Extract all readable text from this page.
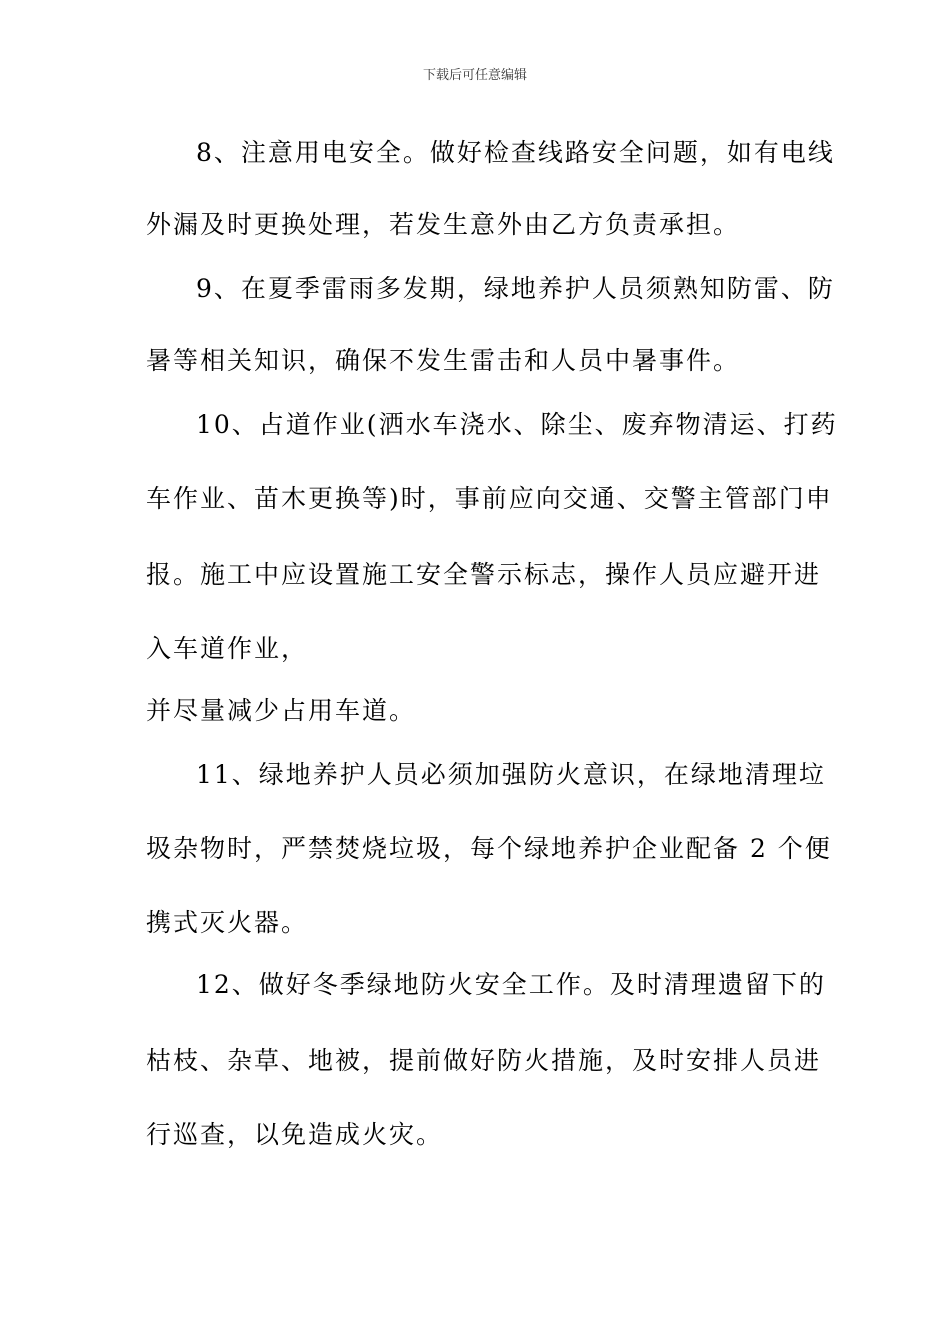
下载后可任意编辑
8、注意用电安全。做好检查线路安全问题，如有电线
外漏及时更换处理，若发生意外由乙方负责承担。
9、在夏季雷雨多发期，绿地养护人员须熟知防雷、防
暑等相关知识，确保不发生雷击和人员中暑事件。
10、占道作业(洒水车浇水、除尘、废弃物清运、打药
车作业、苗木更换等)时，事前应向交通、交警主管部门申
报。施工中应设置施工安全警示标志，操作人员应避开进
入车道作业，
并尽量减少占用车道。
11、绿地养护人员必须加强防火意识，在绿地清理垃
圾杂物时，严禁焚烧垃圾，每个绿地养护企业配备 2 个便
携式灭火器。
12、做好冬季绿地防火安全工作。及时清理遗留下的
枯枝、杂草、地被，提前做好防火措施，及时安排人员进
行巡查，以免造成火灾。
